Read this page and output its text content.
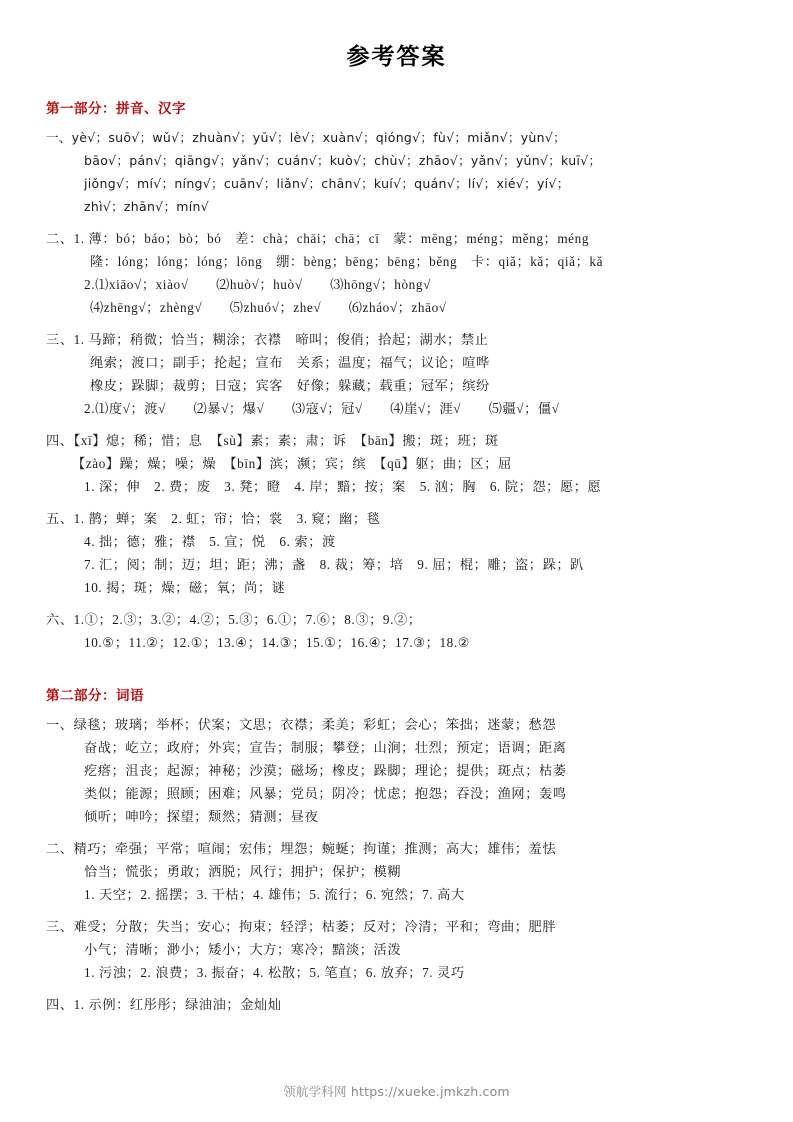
参考答案
第一部分：拼音、汉字
一、yè√；suō√；wǔ√；zhuàn√；yū√；lè√；xuàn√；qióng√；fù√；miǎn√；yùn√；
bāo√；pán√；qiāng√；yǎn√；cuán√；kuò√；chù√；zhāo√；yǎn√；yǔn√；kuī√；
jiǒng√；mí√；níng√；cuān√；liǎn√；chān√；kuí√；quán√；lí√；xié√；yí√；
zhì√；zhān√；mín√
二、1. 薄：bó；báo；bò；bó　差：chà；chāi；chā；cī　蒙：mēng；méng；měng；méng
隆：lóng；lóng；lóng；lōng　绷：bèng；bēng；bēng；běng　卡：qiǎ；kǎ；qiǎ；kǎ
2.⑴xiāo√；xiào√　　⑵huò√；huò√　　⑶hōng√；hòng√
⑷zhēng√；zhèng√　　⑸zhuó√；zhe√　　⑹zháo√；zhāo√
三、1. 马蹄；稍微；恰当；糊涂；衣襟　啼叫；俊俏；拾起；湖水；禁止
绳索；渡口；副手；抡起；宣布　关系；温度；福气；议论；喧哗
橡皮；跺脚；裁剪；日寇；宾客　好像；躲藏；载重；冠军；缤纷
2.⑴度√；渡√　　⑵暴√；爆√　　⑶寇√；冠√　　⑷崖√；涯√　　⑸疆√；僵√
四、【xī】熄；稀；惜；息　【sù】素；素；肃；诉　【bān】搬；斑；班；斑
【zào】躁；燥；噪；燥　【bīn】滨；濒；宾；缤　【qū】躯；曲；区；屈
1. 深；伸　2. 费；废　3. 凳；瞪　4. 岸；黯；按；案　5. 汹；胸　6. 院；怨；愿；愿
五、1. 鹊；蝉；案　2. 虹；帘；恰；裳　3. 窥；幽；毯
4. 拙；德；雅；襟　5. 宣；悦　6. 索；渡
7. 汇；阅；制；迈；坦；距；沸；盏　8. 裁；筹；培　9. 屈；棍；雕；盗；跺；趴
10. 揭；斑；燥；磁；氧；尚；谜
六、1.①；2.③；3.②；4.②；5.③；6.①；7.⑥；8.③；9.②；
10.⑤；11.②；12.①；13.④；14.③；15.①；16.④；17.③；18.②
第二部分：词语
一、绿毯；玻璃；举杯；伏案；文思；衣襟；柔美；彩虹；会心；笨拙；迷蒙；愁怨
奋战；屹立；政府；外宾；宣告；制服；攀登；山涧；壮烈；预定；语调；距离
疙瘩；沮丧；起源；神秘；沙漠；磁场；橡皮；跺脚；理论；提供；斑点；枯萎
类似；能源；照顾；困难；风暴；党员；阴冷；忧虑；抱怨；吞没；渔网；轰鸣
倾听；呻吟；探望；颓然；猜测；昼夜
二、精巧；牵强；平常；喧闹；宏伟；埋怨；蜿蜒；拘谨；推测；高大；雄伟；羞怯
恰当；慌张；勇敢；洒脱；风行；拥护；保护；模糊
1. 天空；2. 摇摆；3. 干枯；4. 雄伟；5. 流行；6. 宛然；7. 高大
三、难受；分散；失当；安心；拘束；轻浮；枯萎；反对；冷清；平和；弯曲；肥胖
小气；清晰；渺小；矮小；大方；寒冷；黯淡；活泼
1. 污浊；2. 浪费；3. 振奋；4. 松散；5. 笔直；6. 放弃；7. 灵巧
四、1. 示例：红彤彤；绿油油；金灿灿
领航学科网 https://xueke.jmkzh.com
